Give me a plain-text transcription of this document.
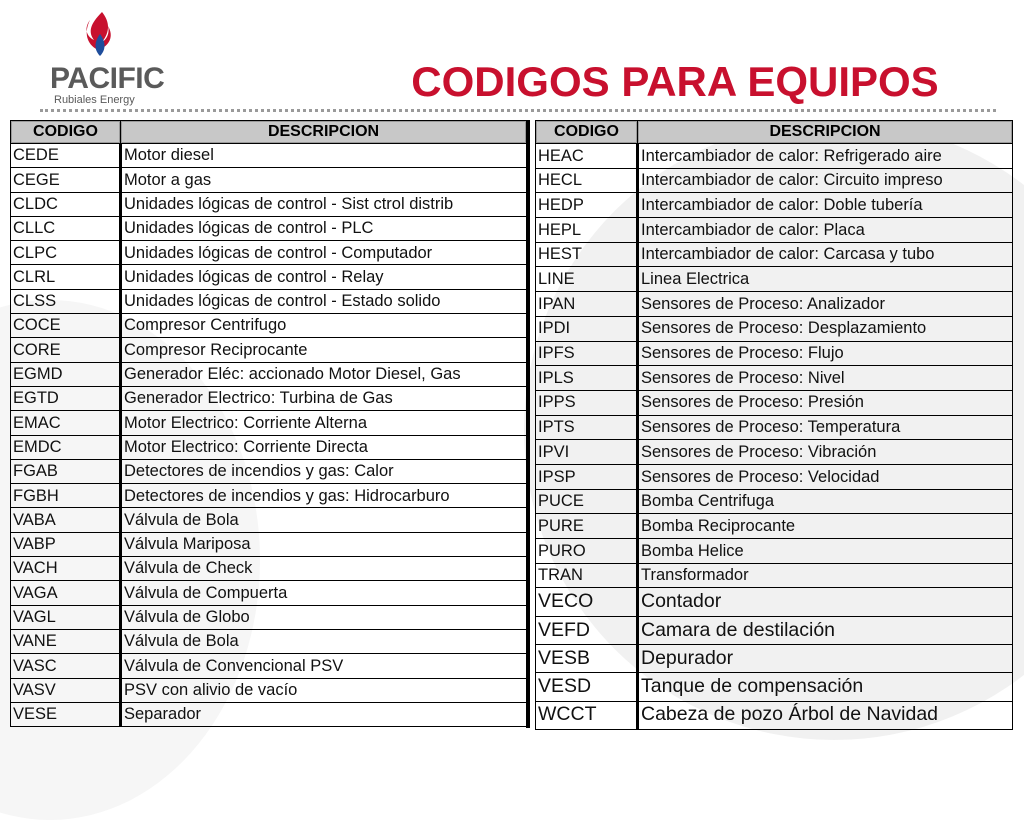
PACIFIC
Rubiales Energy	CODIGOS PARA EQUIPOS
CODIGO	DESCRIPCION
CEDE	Motor diesel
CEGE	Motor a gas
CLDC	Unidades lógicas de control - Sist ctrol distrib
CLLC	Unidades lógicas de control - PLC
CLPC	Unidades lógicas de control - Computador
CLRL	Unidades lógicas de control - Relay
CLSS	Unidades lógicas de control - Estado solido
COCE	Compresor Centrifugo
CORE	Compresor Reciprocante
EGMD	Generador Eléc: accionado Motor Diesel, Gas
EGTD	Generador Electrico: Turbina de Gas
EMAC	Motor Electrico: Corriente Alterna
EMDC	Motor Electrico: Corriente Directa
FGAB	Detectores de incendios y gas: Calor
FGBH	Detectores de incendios y gas: Hidrocarburo
VABA	Válvula de Bola
VABP	Válvula Mariposa
VACH	Válvula de Check
VAGA	Válvula de Compuerta
VAGL	Válvula de Globo
VANE	Válvula de Bola
VASC	Válvula de Convencional PSV
VASV	PSV con alivio de vacío
VESE	Separador
CODIGO	DESCRIPCION
HEAC	Intercambiador de calor: Refrigerado aire
HECL	Intercambiador de calor: Circuito impreso
HEDP	Intercambiador de calor: Doble tubería
HEPL	Intercambiador de calor: Placa
HEST	Intercambiador de calor: Carcasa y tubo
LINE	Linea Electrica
IPAN	Sensores de Proceso: Analizador
IPDI	Sensores de Proceso: Desplazamiento
IPFS	Sensores de Proceso: Flujo
IPLS	Sensores de Proceso: Nivel
IPPS	Sensores de Proceso: Presión
IPTS	Sensores de Proceso: Temperatura
IPVI	Sensores de Proceso: Vibración
IPSP	Sensores de Proceso: Velocidad
PUCE	Bomba Centrifuga
PURE	Bomba Reciprocante
PURO	Bomba Helice
TRAN	Transformador
VECO	Contador
VEFD	Camara de destilación
VESB	Depurador
VESD	Tanque de compensación
WCCT	Cabeza de pozo Árbol de Navidad
